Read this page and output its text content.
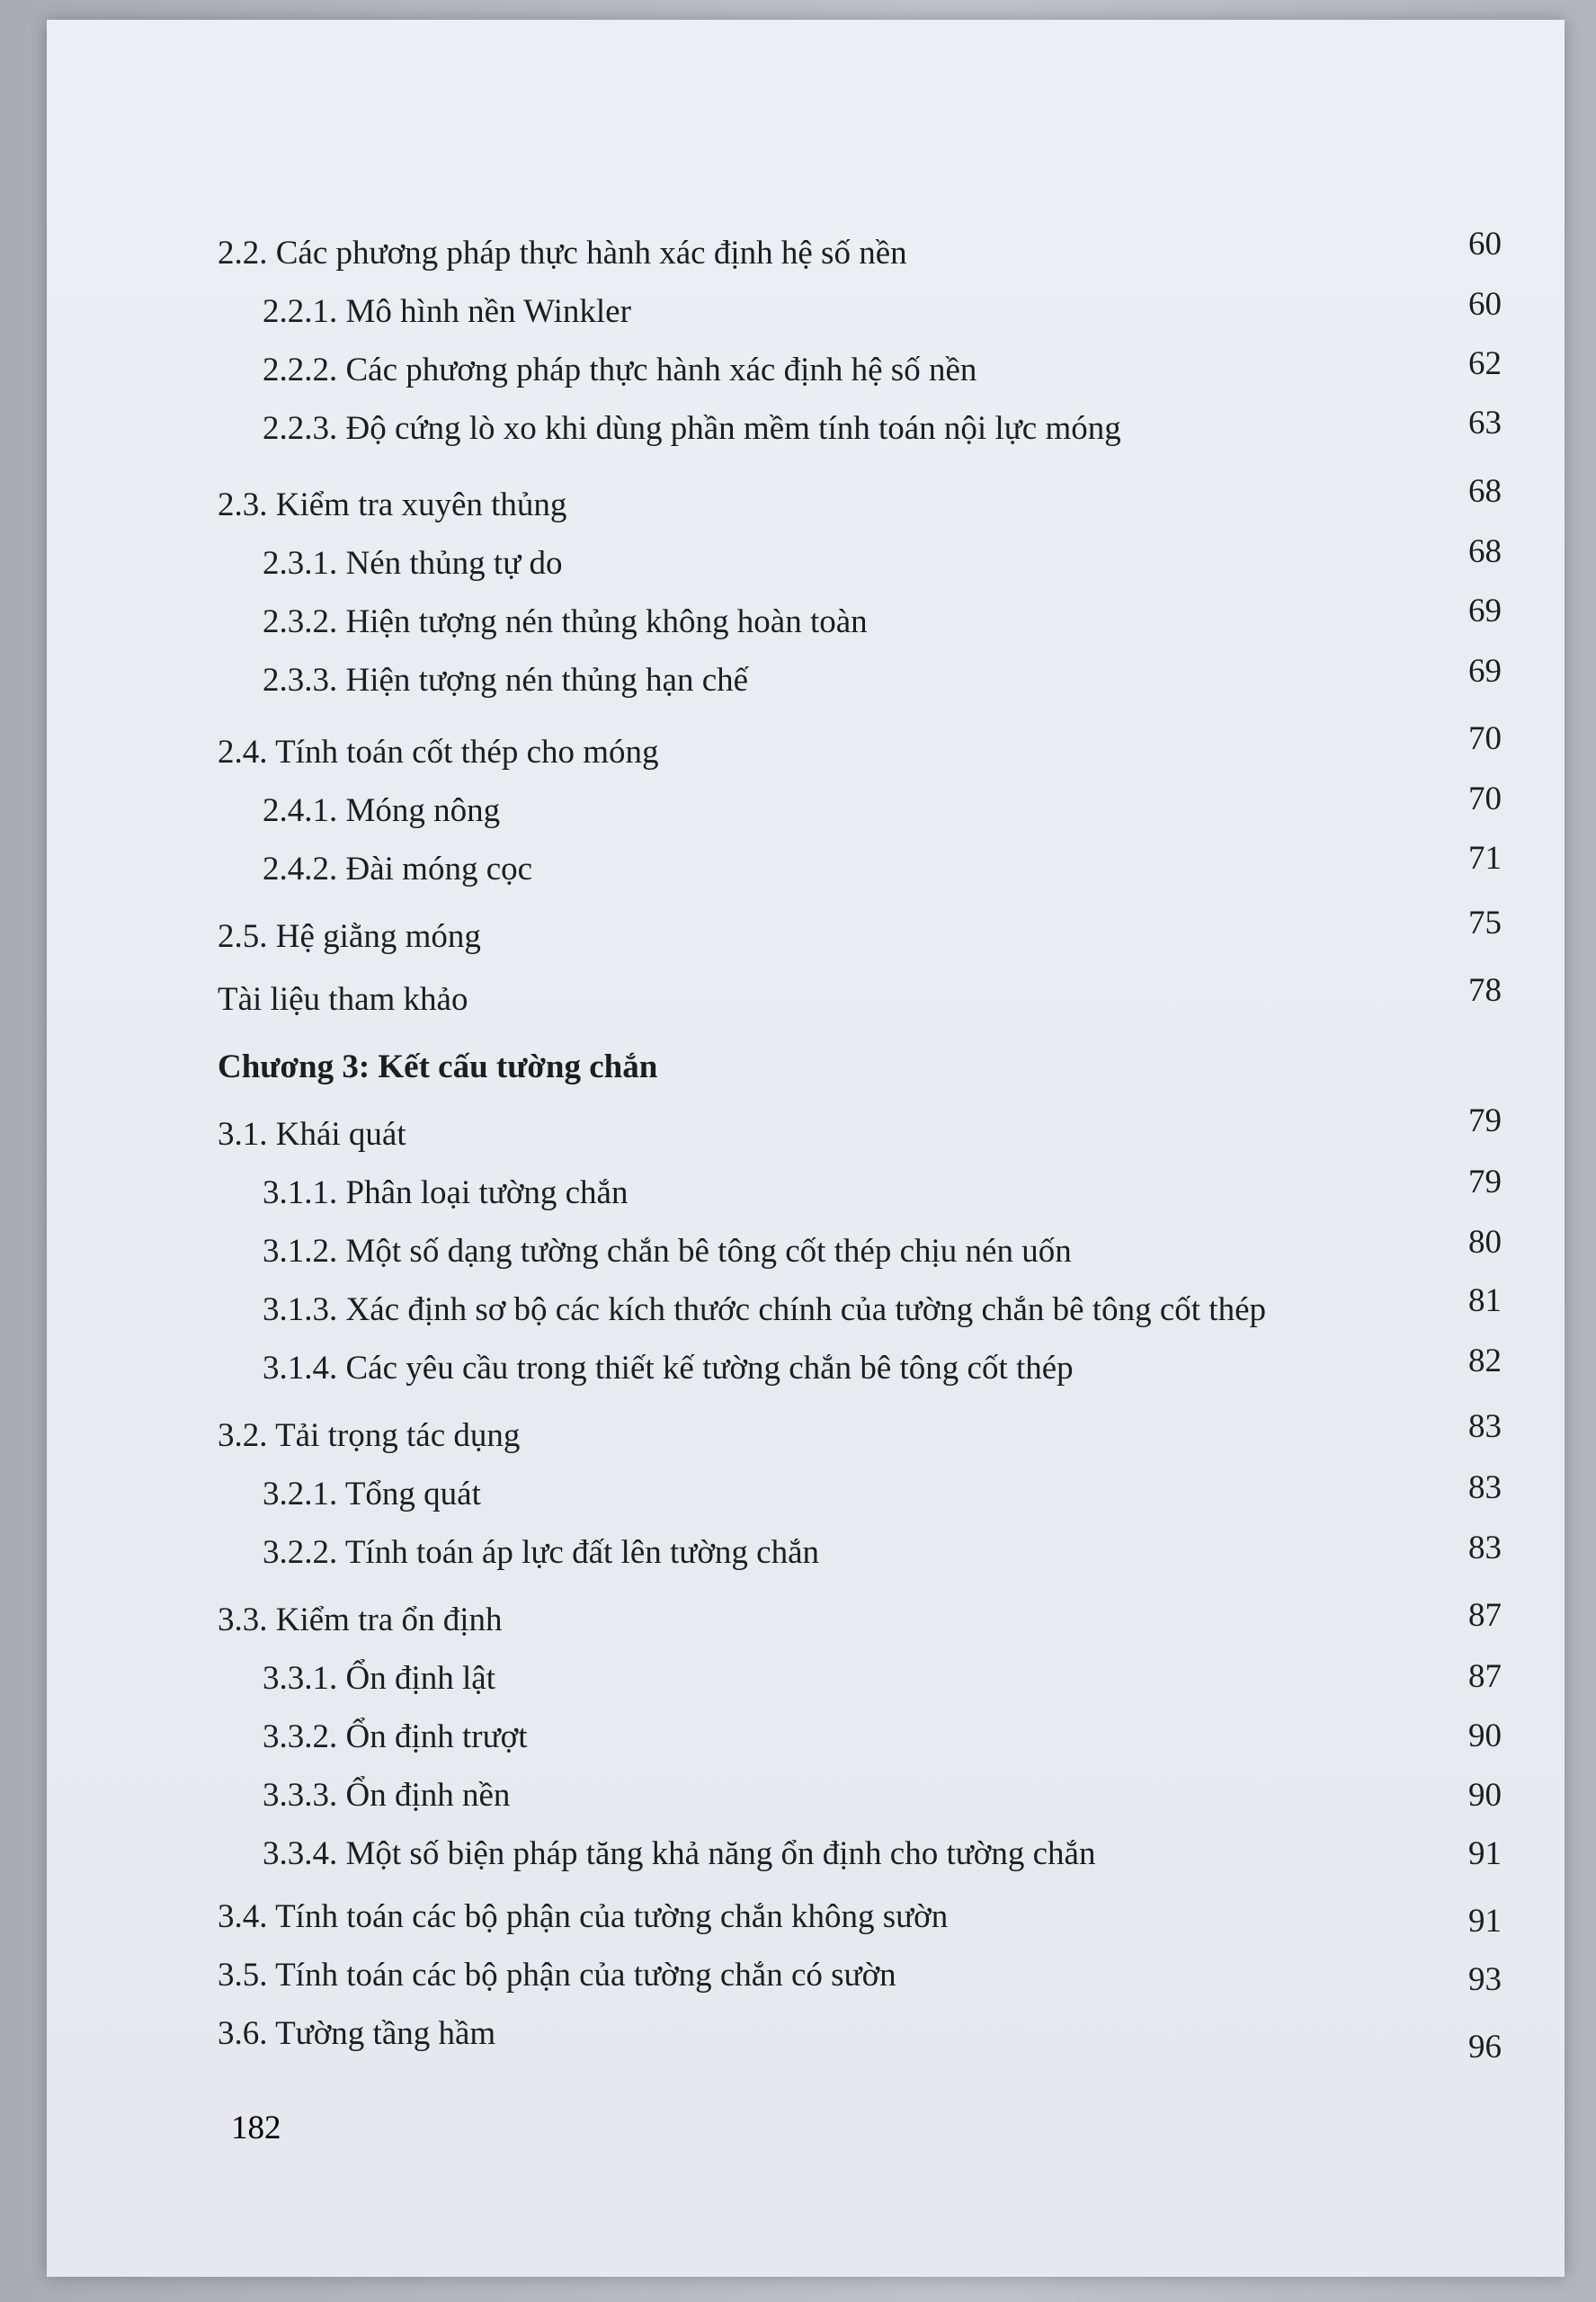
2.2. Các phương pháp thực hành xác định hệ số nền	60
2.2.1. Mô hình nền Winkler	60
2.2.2. Các phương pháp thực hành xác định hệ số nền	62
2.2.3. Độ cứng lò xo khi dùng phần mềm tính toán nội lực móng	63
2.3. Kiểm tra xuyên thủng	68
2.3.1. Nén thủng tự do	68
2.3.2. Hiện tượng nén thủng không hoàn toàn	69
2.3.3. Hiện tượng nén thủng hạn chế	69
2.4. Tính toán cốt thép cho móng	70
2.4.1. Móng nông	70
2.4.2. Đài móng cọc	71
2.5. Hệ giằng móng	75
Tài liệu tham khảo	78
Chương 3: Kết cấu tường chắn
3.1. Khái quát	79
3.1.1. Phân loại tường chắn	79
3.1.2. Một số dạng tường chắn bê tông cốt thép chịu nén uốn	80
3.1.3. Xác định sơ bộ các kích thước chính của tường chắn bê tông cốt thép	81
3.1.4. Các yêu cầu trong thiết kế tường chắn bê tông cốt thép	82
3.2. Tải trọng tác dụng	83
3.2.1. Tổng quát	83
3.2.2. Tính toán áp lực đất lên tường chắn	83
3.3. Kiểm tra ổn định	87
3.3.1. Ổn định lật	87
3.3.2. Ổn định trượt	90
3.3.3. Ổn định nền	90
3.3.4. Một số biện pháp tăng khả năng ổn định cho tường chắn	91
3.4. Tính toán các bộ phận của tường chắn không sườn	91
3.5. Tính toán các bộ phận của tường chắn có sườn	93
3.6. Tường tầng hầm	96
182
